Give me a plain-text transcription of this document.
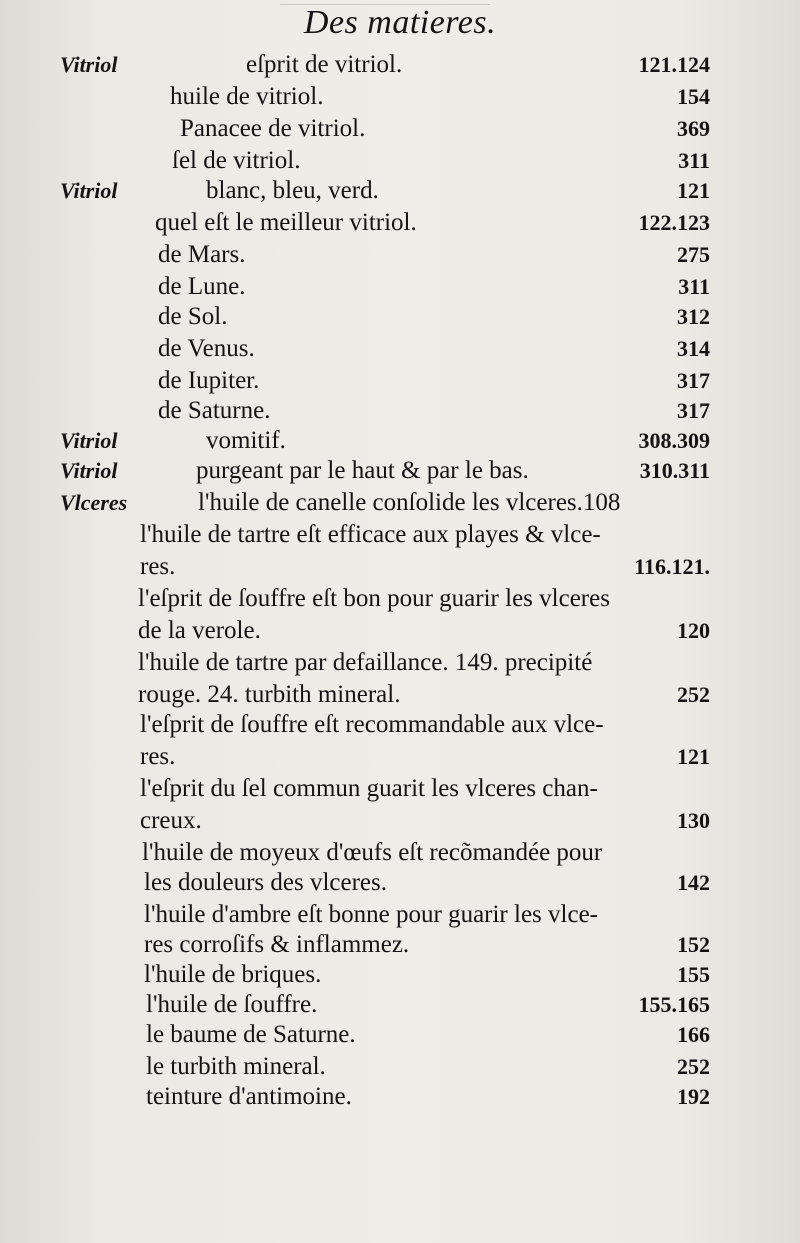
Des matieres.
Vitriol	eſprit de vitriol.	121.124
huile de vitriol.	154
Panacee de vitriol.	369
ſel de vitriol.	311
Vitriol	blanc, bleu, verd.	121
quel eſt le meilleur vitriol.	122.123
de Mars.	275
de Lune.	311
de Sol.	312
de Venus.	314
de Iupiter.	317
de Saturne.	317
Vitriol	vomitif.	308.309
Vitriol	purgeant par le haut & par le bas.	310.311
Vlceres	l'huile de canelle conſolide les vlceres.108
l'huile de tartre eſt efficace aux playes & vlce-
res.	116.121.
l'eſprit de ſouffre eſt bon pour guarir les vlceres
de la verole.	120
l'huile de tartre par defaillance. 149. precipité
rouge. 24. turbith mineral.	252
l'eſprit de ſouffre eſt recommandable aux vlce-
res.	121
l'eſprit du ſel commun guarit les vlceres chan-
creux.	130
l'huile de moyeux d'œufs eſt recõmandée pour
les douleurs des vlceres.	142
l'huile d'ambre eſt bonne pour guarir les vlce-
res corroſifs & inflammez.	152
l'huile de briques.	155
l'huile de ſouffre.	155.165
le baume de Saturne.	166
le turbith mineral.	252
teinture d'antimoine.	192
